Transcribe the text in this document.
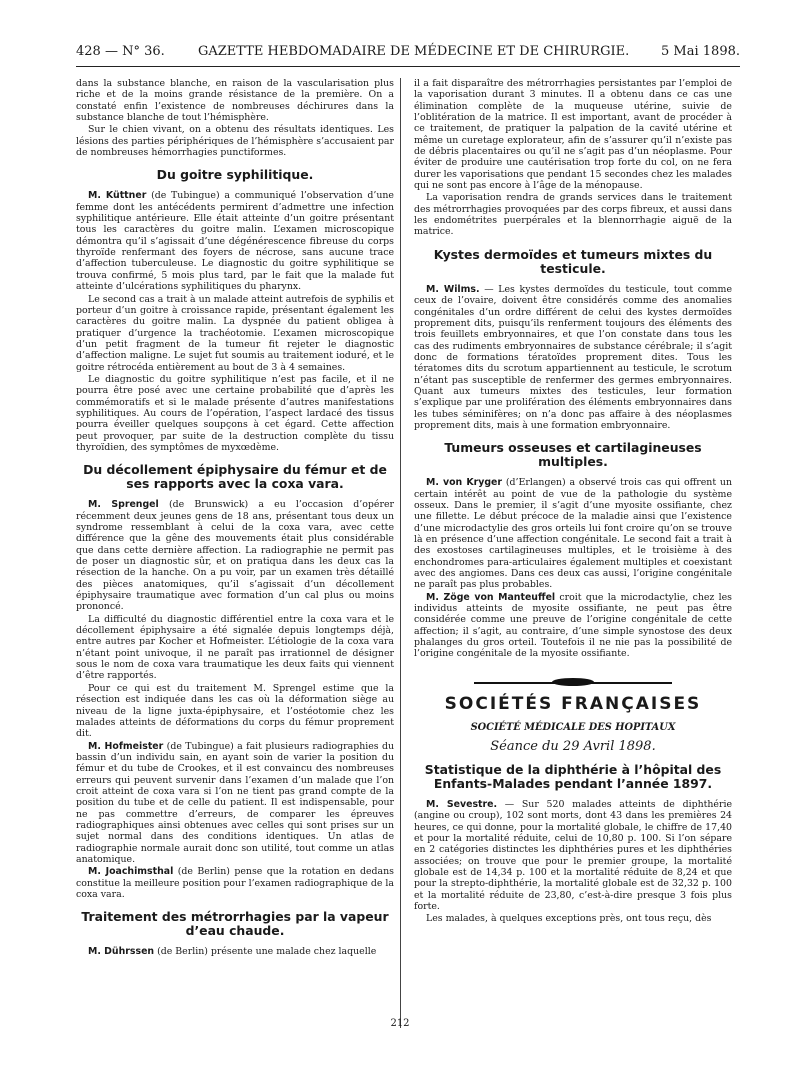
428 — N° 36.	GAZETTE HEBDOMADAIRE DE MÉDECINE ET DE CHIRURGIE. 5 Mai 1898.

dans la substance blanche, en raison de la vascularisation plus riche et de la moins grande résistance de la première. On a constaté enfin l’existence de nombreuses déchirures dans la substance blanche de tout l’hémisphère.

Sur le chien vivant, on a obtenu des résultats identiques. Les lésions des parties périphériques de l’hémisphère s’accusaient par de nombreuses hémorrhagies punctiformes.

Du goitre syphilitique.

M. Küttner (de Tubingue) a communiqué l’observation d’une femme dont les antécédents permirent d’admettre une infection syphilitique antérieure. Elle était atteinte d’un goitre présentant tous les caractères du goitre malin. L’examen microscopique démontra qu’il s’agissait d’une dégénérescence fibreuse du corps thyroïde renfermant des foyers de nécrose, sans aucune trace d’affection tuberculeuse. Le diagnostic du goitre syphilitique se trouva confirmé, 5 mois plus tard, par le fait que la malade fut atteinte d’ulcérations syphilitiques du pharynx.

Le second cas a trait à un malade atteint autrefois de syphilis et porteur d’un goitre à croissance rapide, présentant également les caractères du goitre malin. La dyspnée du patient obligea à pratiquer d’urgence la trachéotomie. L’examen microscopique d’un petit fragment de la tumeur fit rejeter le diagnostic d’affection maligne. Le sujet fut soumis au traitement ioduré, et le goitre rétrocéda entièrement au bout de 3 à 4 semaines.

Le diagnostic du goitre syphilitique n’est pas facile, et il ne pourra être posé avec une certaine probabilité que d’après les commémoratifs et si le malade présente d’autres manifestations syphilitiques. Au cours de l’opération, l’aspect lardacé des tissus pourra éveiller quelques soupçons à cet égard. Cette affection peut provoquer, par suite de la destruction complète du tissu thyroïdien, des symptômes de myxœdème.

Du décollement épiphysaire du fémur et de ses rapports avec la coxa vara.

M. Sprengel (de Brunswick) a eu l’occasion d’opérer récemment deux jeunes gens de 18 ans, présentant tous deux un syndrome ressemblant à celui de la coxa vara, avec cette différence que la gêne des mouvements était plus considérable que dans cette dernière affection. La radiographie ne permit pas de poser un diagnostic sûr, et on pratiqua dans les deux cas la résection de la hanche. On a pu voir, par un examen très détaillé des pièces anatomiques, qu’il s’agissait d’un décollement épiphysaire traumatique avec formation d’un cal plus ou moins prononcé.

La difficulté du diagnostic différentiel entre la coxa vara et le décollement épiphysaire a été signalée depuis longtemps déjà, entre autres par Kocher et Hofmeister. L’étiologie de la coxa vara n’étant point univoque, il ne paraît pas irrationnel de désigner sous le nom de coxa vara traumatique les deux faits qui viennent d’être rapportés.

Pour ce qui est du traitement M. Sprengel estime que la résection est indiquée dans les cas où la déformation siège au niveau de la ligne juxta-épiphysaire, et l’ostéotomie chez les malades atteints de déformations du corps du fémur proprement dit.

M. Hofmeister (de Tubingue) a fait plusieurs radiographies du bassin d’un individu sain, en ayant soin de varier la position du fémur et du tube de Crookes, et il est convaincu des nombreuses erreurs qui peuvent survenir dans l’examen d’un malade que l’on croit atteint de coxa vara si l’on ne tient pas grand compte de la position du tube et de celle du patient. Il est indispensable, pour ne pas commettre d’erreurs, de comparer les épreuves radiographiques ainsi obtenues avec celles qui sont prises sur un sujet normal dans des conditions identiques. Un atlas de radiographie normale aurait donc son utilité, tout comme un atlas anatomique.

M. Joachimsthal (de Berlin) pense que la rotation en dedans constitue la meilleure position pour l’examen radiographique de la coxa vara.

Traitement des métrorrhagies par la vapeur d’eau chaude.

M. Dührssen (de Berlin) présente une malade chez laquelle

il a fait disparaître des métrorrhagies persistantes par l’emploi de la vaporisation durant 3 minutes. Il a obtenu dans ce cas une élimination complète de la muqueuse utérine, suivie de l’oblitération de la matrice. Il est important, avant de procéder à ce traitement, de pratiquer la palpation de la cavité utérine et même un curetage explorateur, afin de s’assurer qu’il n’existe pas de débris placentaires ou qu’il ne s’agit pas d’un néoplasme. Pour éviter de produire une cautérisation trop forte du col, on ne fera durer les vaporisations que pendant 15 secondes chez les malades qui ne sont pas encore à l’âge de la ménopause.

La vaporisation rendra de grands services dans le traitement des métrorrhagies provoquées par des corps fibreux, et aussi dans les endométrites puerpérales et la blennorrhagie aiguë de la matrice.

Kystes dermoïdes et tumeurs mixtes du testicule.

M. Wilms. — Les kystes dermoïdes du testicule, tout comme ceux de l’ovaire, doivent être considérés comme des anomalies congénitales d’un ordre différent de celui des kystes dermoïdes proprement dits, puisqu’ils renferment toujours des éléments des trois feuillets embryonnaires, et que l’on constate dans tous les cas des rudiments embryonnaires de substance cérébrale; il s’agit donc de formations tératoïdes proprement dites. Tous les tératomes dits du scrotum appartiennent au testicule, le scrotum n’étant pas susceptible de renfermer des germes embryonnaires. Quant aux tumeurs mixtes des testicules, leur formation s’explique par une prolifération des éléments embryonnaires dans les tubes séminifères; on n’a donc pas affaire à des néoplasmes proprement dits, mais à une formation embryonnaire.

Tumeurs osseuses et cartilagineuses multiples.

M. von Kryger (d’Erlangen) a observé trois cas qui offrent un certain intérêt au point de vue de la pathologie du système osseux. Dans le premier, il s’agit d’une myosite ossifiante, chez une fillette. Le début précoce de la maladie ainsi que l’existence d’une microdactylie des gros orteils lui font croire qu’on se trouve là en présence d’une affection congénitale. Le second fait a trait à des exostoses cartilagineuses multiples, et le troisième à des enchondromes para-articulaires également multiples et coexistant avec des angiomes. Dans ces deux cas aussi, l’origine congénitale ne paraît pas plus probables.

M. Zöge von Manteuffel croit que la microdactylie, chez les individus atteints de myosite ossifiante, ne peut pas être considérée comme une preuve de l’origine congénitale de cette affection; il s’agit, au contraire, d’une simple synostose des deux phalanges du gros orteil. Toutefois il ne nie pas la possibilité de l’origine congénitale de la myosite ossifiante.

SOCIÉTÉS FRANÇAISES
SOCIÉTÉ MÉDICALE DES HOPITAUX
Séance du 29 Avril 1898.
Statistique de la diphthérie à l’hôpital des Enfants-Malades pendant l’année 1897.

M. Sevestre. — Sur 520 malades atteints de diphthérie (angine ou croup), 102 sont morts, dont 43 dans les premières 24 heures, ce qui donne, pour la mortalité globale, le chiffre de 17,40 et pour la mortalité réduite, celui de 10,80 p. 100. Si l’on sépare en 2 catégories distinctes les diphthéries pures et les diphthéries associées; on trouve que pour le premier groupe, la mortalité globale est de 14,34 p. 100 et la mortalité réduite de 8,24 et que pour la strepto-diphthérie, la mortalité globale est de 32,32 p. 100 et la mortalité réduite de 23,80, c’est-à-dire presque 3 fois plus forte.

Les malades, à quelques exceptions près, ont tous reçu, dès

212
